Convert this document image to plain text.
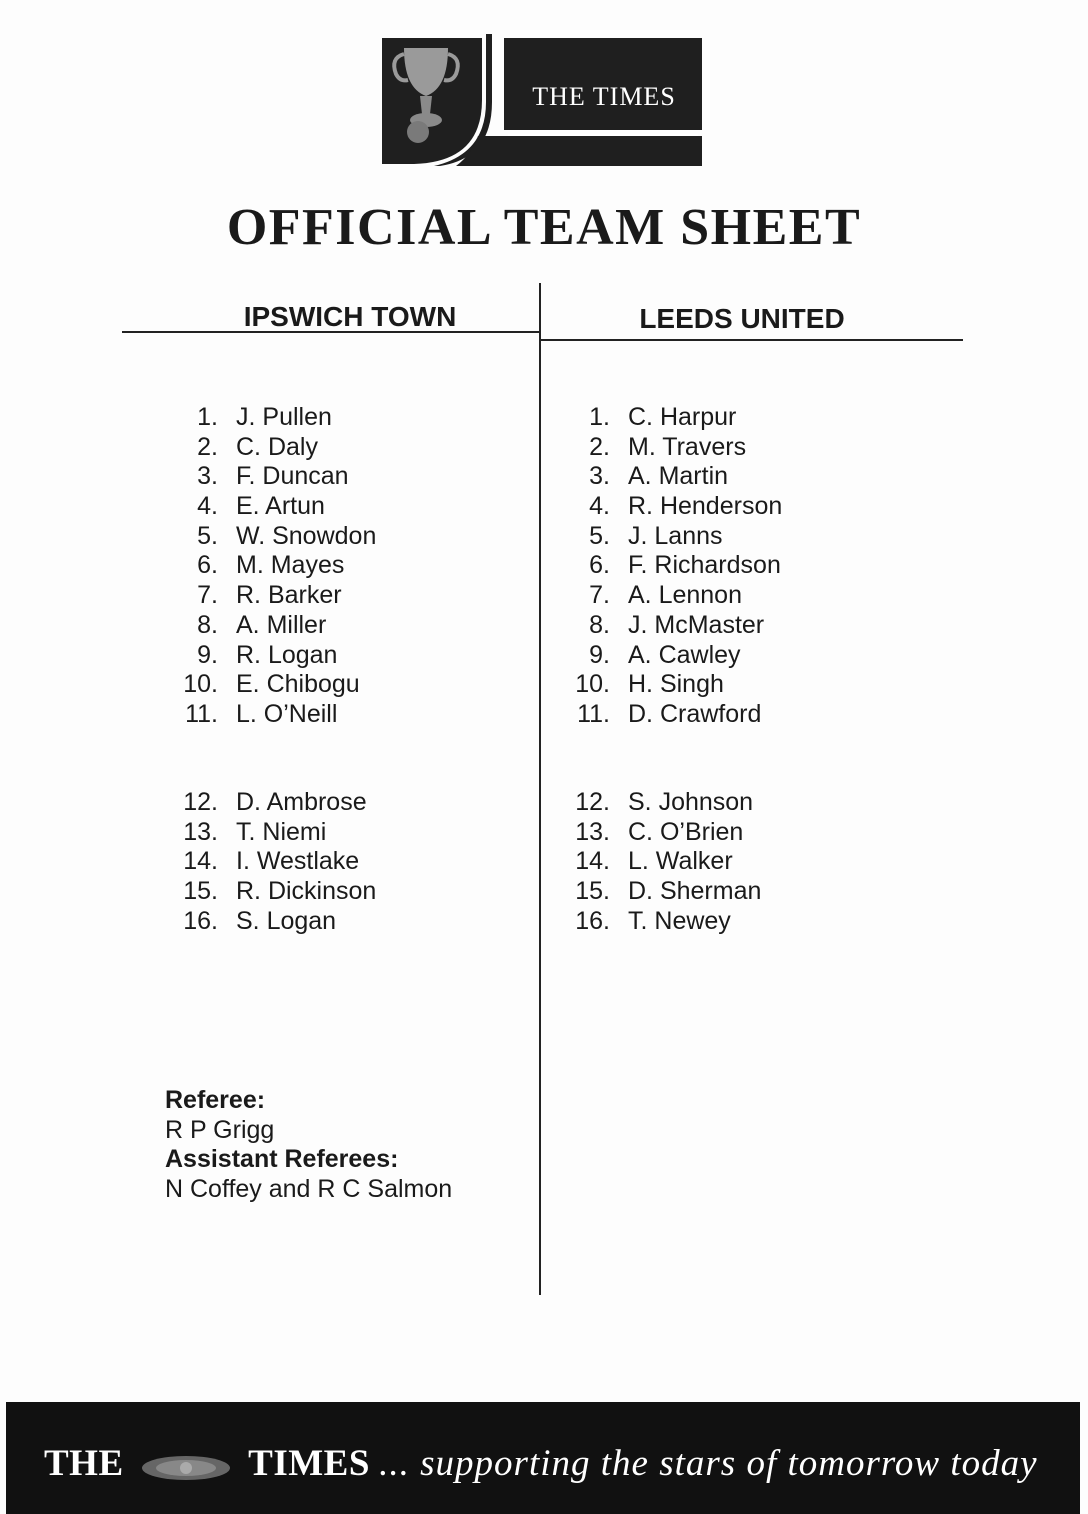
THE TIMES
OFFICIAL TEAM SHEET
IPSWICH TOWN	LEEDS UNITED
1. J. Pullen
2. C. Daly
3. F. Duncan
4. E. Artun
5. W. Snowdon
6. M. Mayes
7. R. Barker
8. A. Miller
9. R. Logan
10. E. Chibogu
11. L. O’Neill
1. C. Harpur
2. M. Travers
3. A. Martin
4. R. Henderson
5. J. Lanns
6. F. Richardson
7. A. Lennon
8. J. McMaster
9. A. Cawley
10. H. Singh
11. D. Crawford
12. D. Ambrose
13. T. Niemi
14. I. Westlake
15. R. Dickinson
16. S. Logan
12. S. Johnson
13. C. O’Brien
14. L. Walker
15. D. Sherman
16. T. Newey
Referee:
R P Grigg
Assistant Referees:
N Coffey and R C Salmon
THE	TIMES ... supporting the stars of tomorrow today
